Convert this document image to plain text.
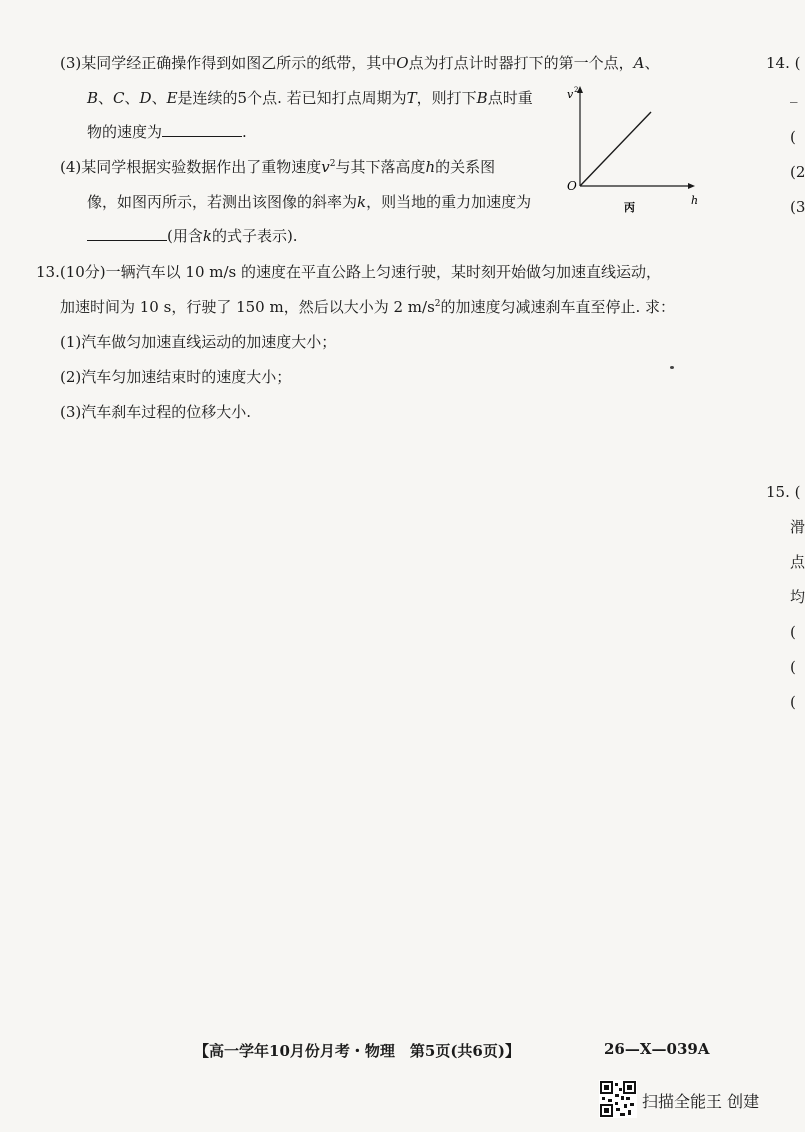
(3)某同学经正确操作得到如图乙所示的纸带，其中O点为打点计时器打下的第一个点，A、
B、C、D、E是连续的5个点. 若已知打点周期为T，则打下B点时重
物的速度为	.
(4)某同学根据实验数据作出了重物速度$v^2$与其下落高度h的关系图
像，如图丙所示，若测出该图像的斜率为k，则当地的重力加速度为
(用含k的式子表示).
v 2
O
h
丙
13.(10分)一辆汽车以 10 m/s 的速度在平直公路上匀速行驶，某时刻开始做匀加速直线运动，
加速时间为 10 s，行驶了 150 m，然后以大小为 2 $m/s^2$的加速度匀减速刹车直至停止. 求：
(1)汽车做匀加速直线运动的加速度大小；
(2)汽车匀加速结束时的速度大小；
(3)汽车刹车过程的位移大小.
14. (
_
(
(2
(3
15. (
滑
点
均
(
(
(
【高一学年10月份月考・物理　第5页(共6页)】	26—X—039A
扫描全能王 创建
